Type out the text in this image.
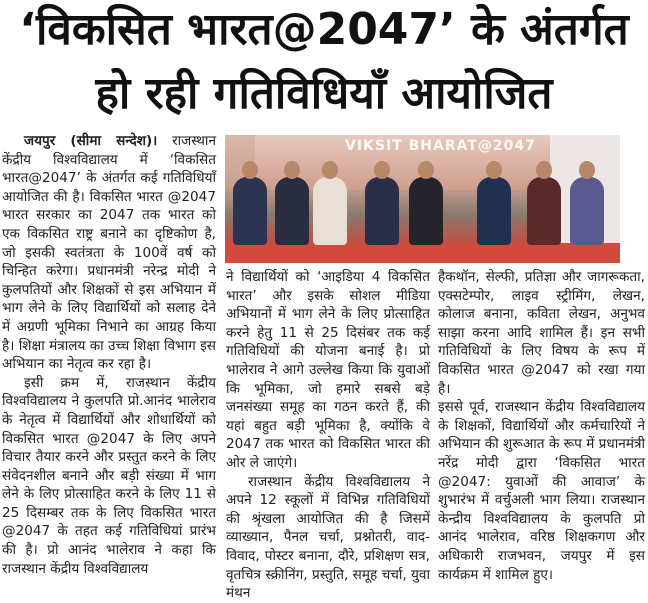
‘विकसित भारत@2047’ के अंतर्गत
हो रही गतिविधियाँ आयोजित
VIKSIT BHARAT@2047

जयपुर (सीमा सन्देश)। राजस्थान केंद्रीय विश्वविद्यालय में ‘विकसित भारत@2047’ के अंतर्गत कई गतिविधियाँ आयोजित की है। विकसित भारत @2047 भारत सरकार का 2047 तक भारत को एक विकसित राष्ट्र बनाने का दृष्टिकोण है, जो इसकी स्वतंत्रता के 100वें वर्ष को चिन्हित करेगा। प्रधानमंत्री नरेन्द्र मोदी ने कुलपतियों और शिक्षकों से इस अभियान में भाग लेने के लिए विद्यार्थियों को सलाह देने में अग्रणी भूमिका निभाने का आग्रह किया है। शिक्षा मंत्रालय का उच्च शिक्षा विभाग इस अभियान का नेतृत्व कर रहा है।

इसी क्रम में, राजस्थान केंद्रीय विश्वविद्यालय ने कुलपति प्रो.आनंद भालेराव के नेतृत्व में विद्यार्थियों और शोधार्थियों को विकसित भारत @2047 के लिए अपने विचार तैयार करने और प्रस्तुत करने के लिए संवेदनशील बनाने और बड़ी संख्या में भाग लेने के लिए प्रोत्साहित करने के लिए 11 से 25 दिसम्बर तक के लिए विकसित भारत @2047 के तहत कई गतिविधियां प्रारंभ की है। प्रो आनंद भालेराव ने कहा कि राजस्थान केंद्रीय विश्वविद्यालय

ने विद्यार्थियों को ‘आइडिया 4 विकसित भारत’ और इसके सोशल मीडिया अभियानों में भाग लेने के लिए प्रोत्साहित करने हेतु 11 से 25 दिसंबर तक कई गतिविधियों की योजना बनाई है। प्रो भालेराव ने आगे उल्लेख किया कि युवाओं कि भूमिका, जो हमारे सबसे बड़े जनसंख्या समूह का गठन करते हैं, की यहां बहुत बड़ी भूमिका है, क्योंकि वे 2047 तक भारत को विकसित भारत की ओर ले जाएंगे।

राजस्थान केंद्रीय विश्वविद्यालय ने अपने 12 स्कूलों में विभिन्न गतिविधियों की श्रृंखला आयोजित की है जिसमें व्याख्यान, पैनल चर्चा, प्रश्नोतरी, वाद-विवाद, पोस्टर बनाना, दौरे, प्रशिक्षण सत्र, वृतचित्र स्क्रीनिंग, प्रस्तुति, समूह चर्चा, युवा मंथन

हैकथॉन, सेल्फी, प्रतिज्ञा और जागरूकता, एक्सटेम्पोर, लाइव स्ट्रीमिंग, लेखन, कोलाज बनाना, कविता लेखन, अनुभव साझा करना आदि शामिल हैं। इन सभी गतिविधियों के लिए विषय के रूप में विकसित भारत @2047 को रखा गया है।

इससे पूर्व, राजस्थान केंद्रीय विश्वविद्यालय के शिक्षकों, विद्यार्थियों और कर्मचारियों ने अभियान की शुरूआत के रूप में प्रधानमंत्री नरेंद्र मोदी द्वारा ‘विकसित भारत @2047: युवाओं की आवाज’ के शुभारंभ में वर्चुअली भाग लिया। राजस्थान केन्द्रीय विश्वविद्यालय के कुलपति प्रो आनंद भालेराव, वरिष्ठ शिक्षकगण और अधिकारी राजभवन, जयपुर में इस कार्यक्रम में शामिल हुए।
